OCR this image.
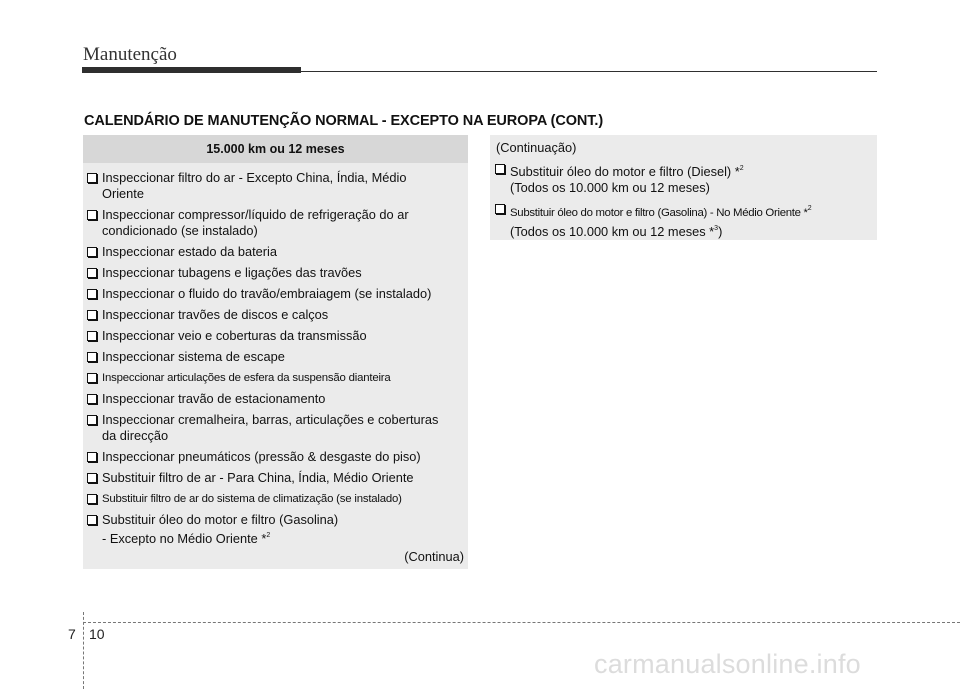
Manutenção
CALENDÁRIO DE MANUTENÇÃO NORMAL - EXCEPTO NA EUROPA (CONT.)
15.000 km ou 12 meses
Inspeccionar filtro do ar - Excepto China, Índia, Médio
Oriente
Inspeccionar compressor/líquido de refrigeração do ar
condicionado (se instalado)
Inspeccionar estado da bateria
Inspeccionar tubagens e ligações das travões
Inspeccionar o fluido do travão/embraiagem (se instalado)
Inspeccionar travões de discos e calços
Inspeccionar veio e coberturas da transmissão
Inspeccionar sistema de escape
Inspeccionar articulações de esfera da suspensão dianteira
Inspeccionar travão de estacionamento
Inspeccionar cremalheira, barras, articulações e coberturas
da direcção
Inspeccionar pneumáticos (pressão & desgaste do piso)
Substituir filtro de ar - Para China, Índia, Médio Oriente
Substituir filtro de ar do sistema de climatização (se instalado)
Substituir óleo do motor e filtro (Gasolina)
- Excepto no Médio Oriente *$^2$
(Continua)
(Continuação)
Substituir óleo do motor e filtro (Diesel) *$^2$
(Todos os 10.000 km ou 12 meses)
Substituir óleo do motor e filtro (Gasolina) - No Médio Oriente *$^2$
(Todos os 10.000 km ou 12 meses *$^3$)
7 10
carmanualsonline.info
